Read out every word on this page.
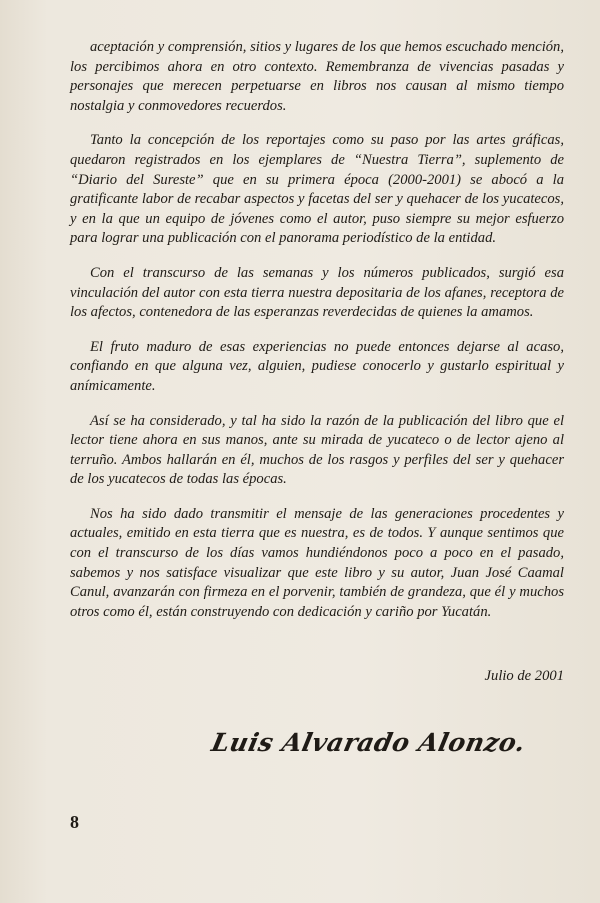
aceptación y comprensión, sitios y lugares de los que hemos escuchado mención, los percibimos ahora en otro contexto. Remembranza de vivencias pasadas y personajes que merecen perpetuarse en libros nos causan al mismo tiempo nostalgia y conmovedores recuerdos.

Tanto la concepción de los reportajes como su paso por las artes gráficas, quedaron registrados en los ejemplares de “Nuestra Tierra”, suplemento de “Diario del Sureste” que en su primera época (2000-2001) se abocó a la gratificante labor de recabar aspectos y facetas del ser y quehacer de los yucatecos, y en la que un equipo de jóvenes como el autor, puso siempre su mejor esfuerzo para lograr una publicación con el panorama periodístico de la entidad.

Con el transcurso de las semanas y los números publicados, surgió esa vinculación del autor con esta tierra nuestra depositaria de los afanes, receptora de los afectos, contenedora de las esperanzas reverdecidas de quienes la amamos.

El fruto maduro de esas experiencias no puede entonces dejarse al acaso, confiando en que alguna vez, alguien, pudiese conocerlo y gustarlo espiritual y anímicamente.

Así se ha considerado, y tal ha sido la razón de la publicación del libro que el lector tiene ahora en sus manos, ante su mirada de yucateco o de lector ajeno al terruño. Ambos hallarán en él, muchos de los rasgos y perfiles del ser y quehacer de los yucatecos de todas las épocas.

Nos ha sido dado transmitir el mensaje de las generaciones procedentes y actuales, emitido en esta tierra que es nuestra, es de todos. Y aunque sentimos que con el transcurso de los días vamos hundiéndonos poco a poco en el pasado, sabemos y nos satisface visualizar que este libro y su autor, Juan José Caamal Canul, avanzarán con firmeza en el porvenir, también de grandeza, que él y muchos otros como él, están construyendo con dedicación y cariño por Yucatán.

Julio de 2001
Luis Alvarado Alonzo.
8
